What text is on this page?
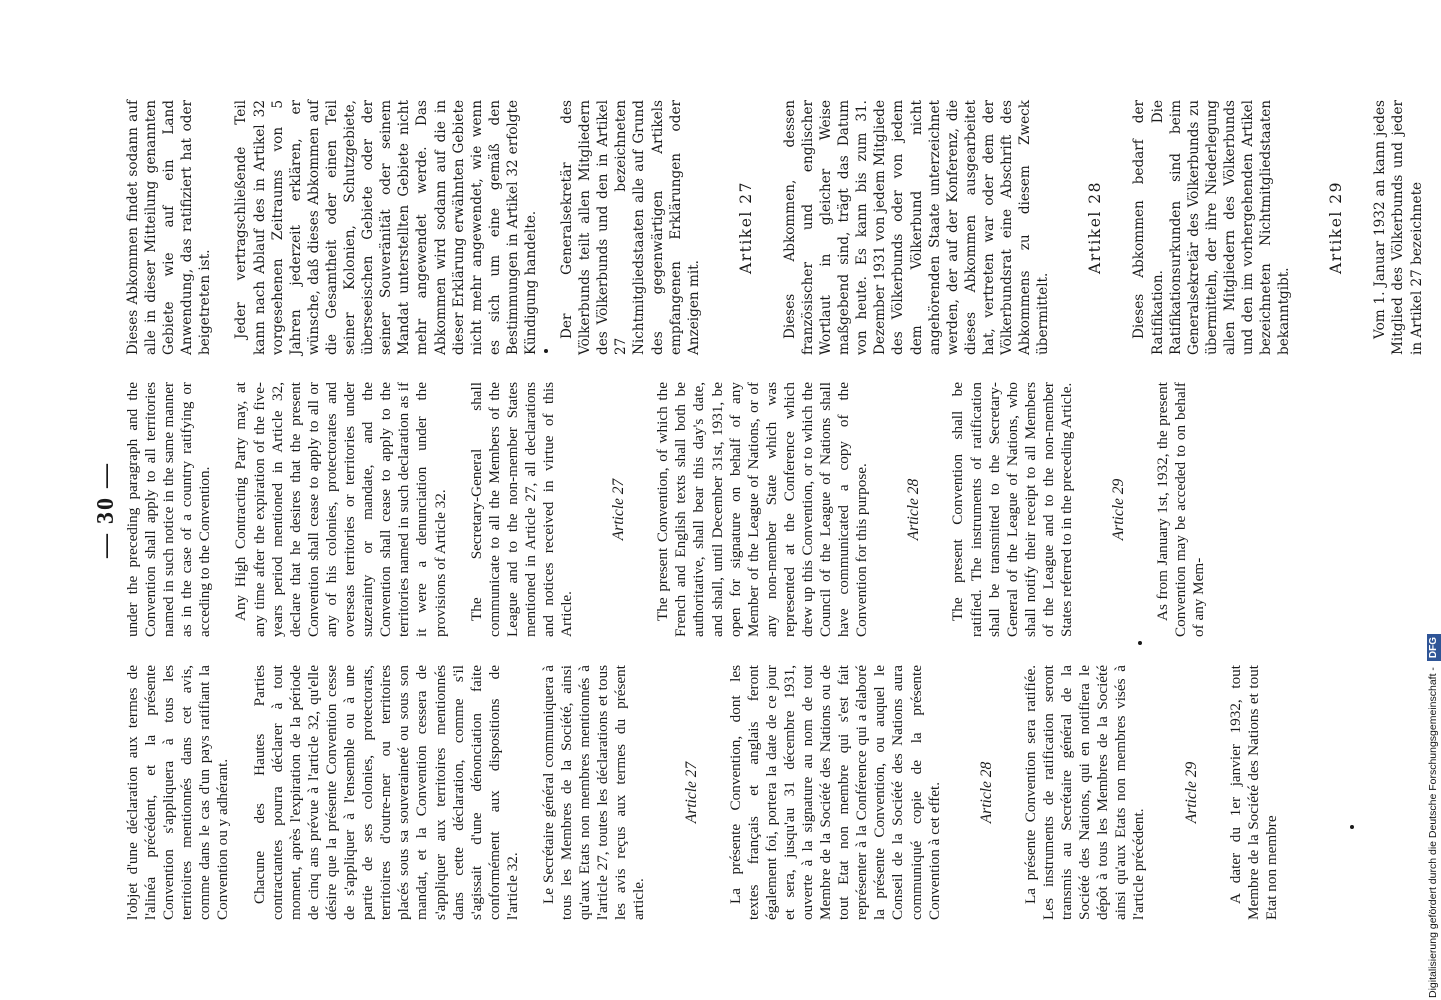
— 30 —

l'objet d'une déclaration aux termes de l'alinéa précédent, et la présente Convention s'appliquera à tous les territoires mentionnés dans cet avis, comme dans le cas d'un pays ratifiant la Convention ou y adhérant. Chacune des Hautes Parties contractantes pourra déclarer à tout moment, après l'expiration de la période de cinq ans prévue à l'article 32, qu'elle désire que la présente Convention cesse de s'appliquer à l'ensemble ou à une partie de ses colonies, protectorats, territoires d'outre-mer ou territoires placés sous sa souveraineté ou sous son mandat, et la Convention cessera de s'appliquer aux territoires mentionnés dans cette déclaration, comme s'il s'agissait d'une dénonciation faite conformément aux dispositions de l'article 32. Le Secrétaire général communiquera à tous les Membres de la Société, ainsi qu'aux Etats non membres mentionnés à l'article 27, toutes les déclarations et tous les avis reçus aux termes du présent article.

Article 27 La présente Convention, dont les textes français et anglais feront également foi, portera la date de ce jour et sera, jusqu'au 31 décembre 1931, ouverte à la signature au nom de tout Membre de la Société des Nations ou de tout Etat non membre qui s'est fait représenter à la Conférence qui a élaboré la présente Convention, ou auquel le Conseil de la Société des Nations aura communiqué copie de la présente Convention à cet effet. Article 28 La présente Convention sera ratifiée. Les instruments de ratification seront transmis au Secrétaire général de la Société des Nations, qui en notifiera le dépôt à tous les Membres de la Société ainsi qu'aux Etats non membres visés à l'article précédent.

Article 29 A dater du 1er janvier 1932, tout Membre de la Société des Nations et tout Etat non membre

under the preceding paragraph and the Convention shall apply to all territories named in such notice in the same manner as in the case of a country ratifying or acceding to the Convention. Any High Contracting Party may, at any time after the expiration of the five-years period mentioned in Article 32, declare that he desires that the present Convention shall cease to apply to all or any of his colonies, protectorates and overseas territories or territories under suzerainty or mandate, and the Convention shall cease to apply to the territories named in such declaration as if it were a denunciation under the provisions of Article 32. The Secretary-General shall communicate to all the Members of the League and to the non-member States mentioned in Article 27, all declarations and notices received in virtue of this Article.

Article 27 The present Convention, of which the French and English texts shall both be authoritative, shall bear this day's date, and shall, until December 31st, 1931, be open for signature on behalf of any Member of the League of Nations, or of any non-member State which was represented at the Conference which drew up this Convention, or to which the Council of the League of Nations shall have communicated a copy of the Convention for this purpose. Article 28 The present Convention shall be ratified. The instruments of ratification shall be transmitted to the Secretary-General of the League of Nations, who shall notify their receipt to all Members of the League and to the non-member States referred to in the preceding Article. Article 29 As from January 1st, 1932, the present Convention may be acceded to on behalf of any Mem-

Dieses Abkommen findet sodann auf alle in dieser Mitteilung genannten Gebiete wie auf ein Land Anwendung, das ratifiziert hat oder beigetreten ist. Jeder vertragschließende Teil kann nach Ablauf des in Artikel 32 vorgesehenen Zeitraums von 5 Jahren jederzeit erklären, er wünsche, daß dieses Abkommen auf die Gesamtheit oder einen Teil seiner Kolonien, Schutzgebiete, überseeischen Gebiete oder der seiner Souveränität oder seinem Mandat unterstellten Gebiete nicht mehr angewendet werde. Das Abkommen wird sodann auf die in dieser Erklärung erwähnten Gebiete nicht mehr angewendet, wie wenn es sich um eine gemäß den Bestimmungen in Artikel 32 erfolgte Kündigung handelte. Der Generalsekretär des Völkerbunds teilt allen Mitgliedern des Völkerbunds und den in Artikel 27 bezeichneten Nichtmitgliedstaaten alle auf Grund des gegenwärtigen Artikels empfangenen Erklärungen oder Anzeigen mit.

Artikel 27 Dieses Abkommen, dessen französischer und englischer Wortlaut in gleicher Weise maßgebend sind, trägt das Datum von heute. Es kann bis zum 31. Dezember 1931 von jedem Mitgliede des Völkerbunds oder von jedem dem Völkerbund nicht angehörenden Staate unterzeichnet werden, der auf der Konferenz, die dieses Abkommen ausgearbeitet hat, vertreten war oder dem der Völkerbundsrat eine Abschrift des Abkommens zu diesem Zweck übermittelt.

Artikel 28 Dieses Abkommen bedarf der Ratifikation. Die Ratifikationsurkunden sind beim Generalsekretär des Völkerbunds zu übermitteln, der ihre Niederlegung allen Mitgliedern des Völkerbunds und den im vorhergehenden Artikel bezeichneten Nichtmitgliedstaaten bekanntgibt.

Artikel 29 Vom 1. Januar 1932 an kann jedes Mitglied des Völkerbunds und jeder in Artikel 27 bezeichnete

Digitalisierung gefördert durch die Deutsche Forschungsgemeinschaft -DFG
